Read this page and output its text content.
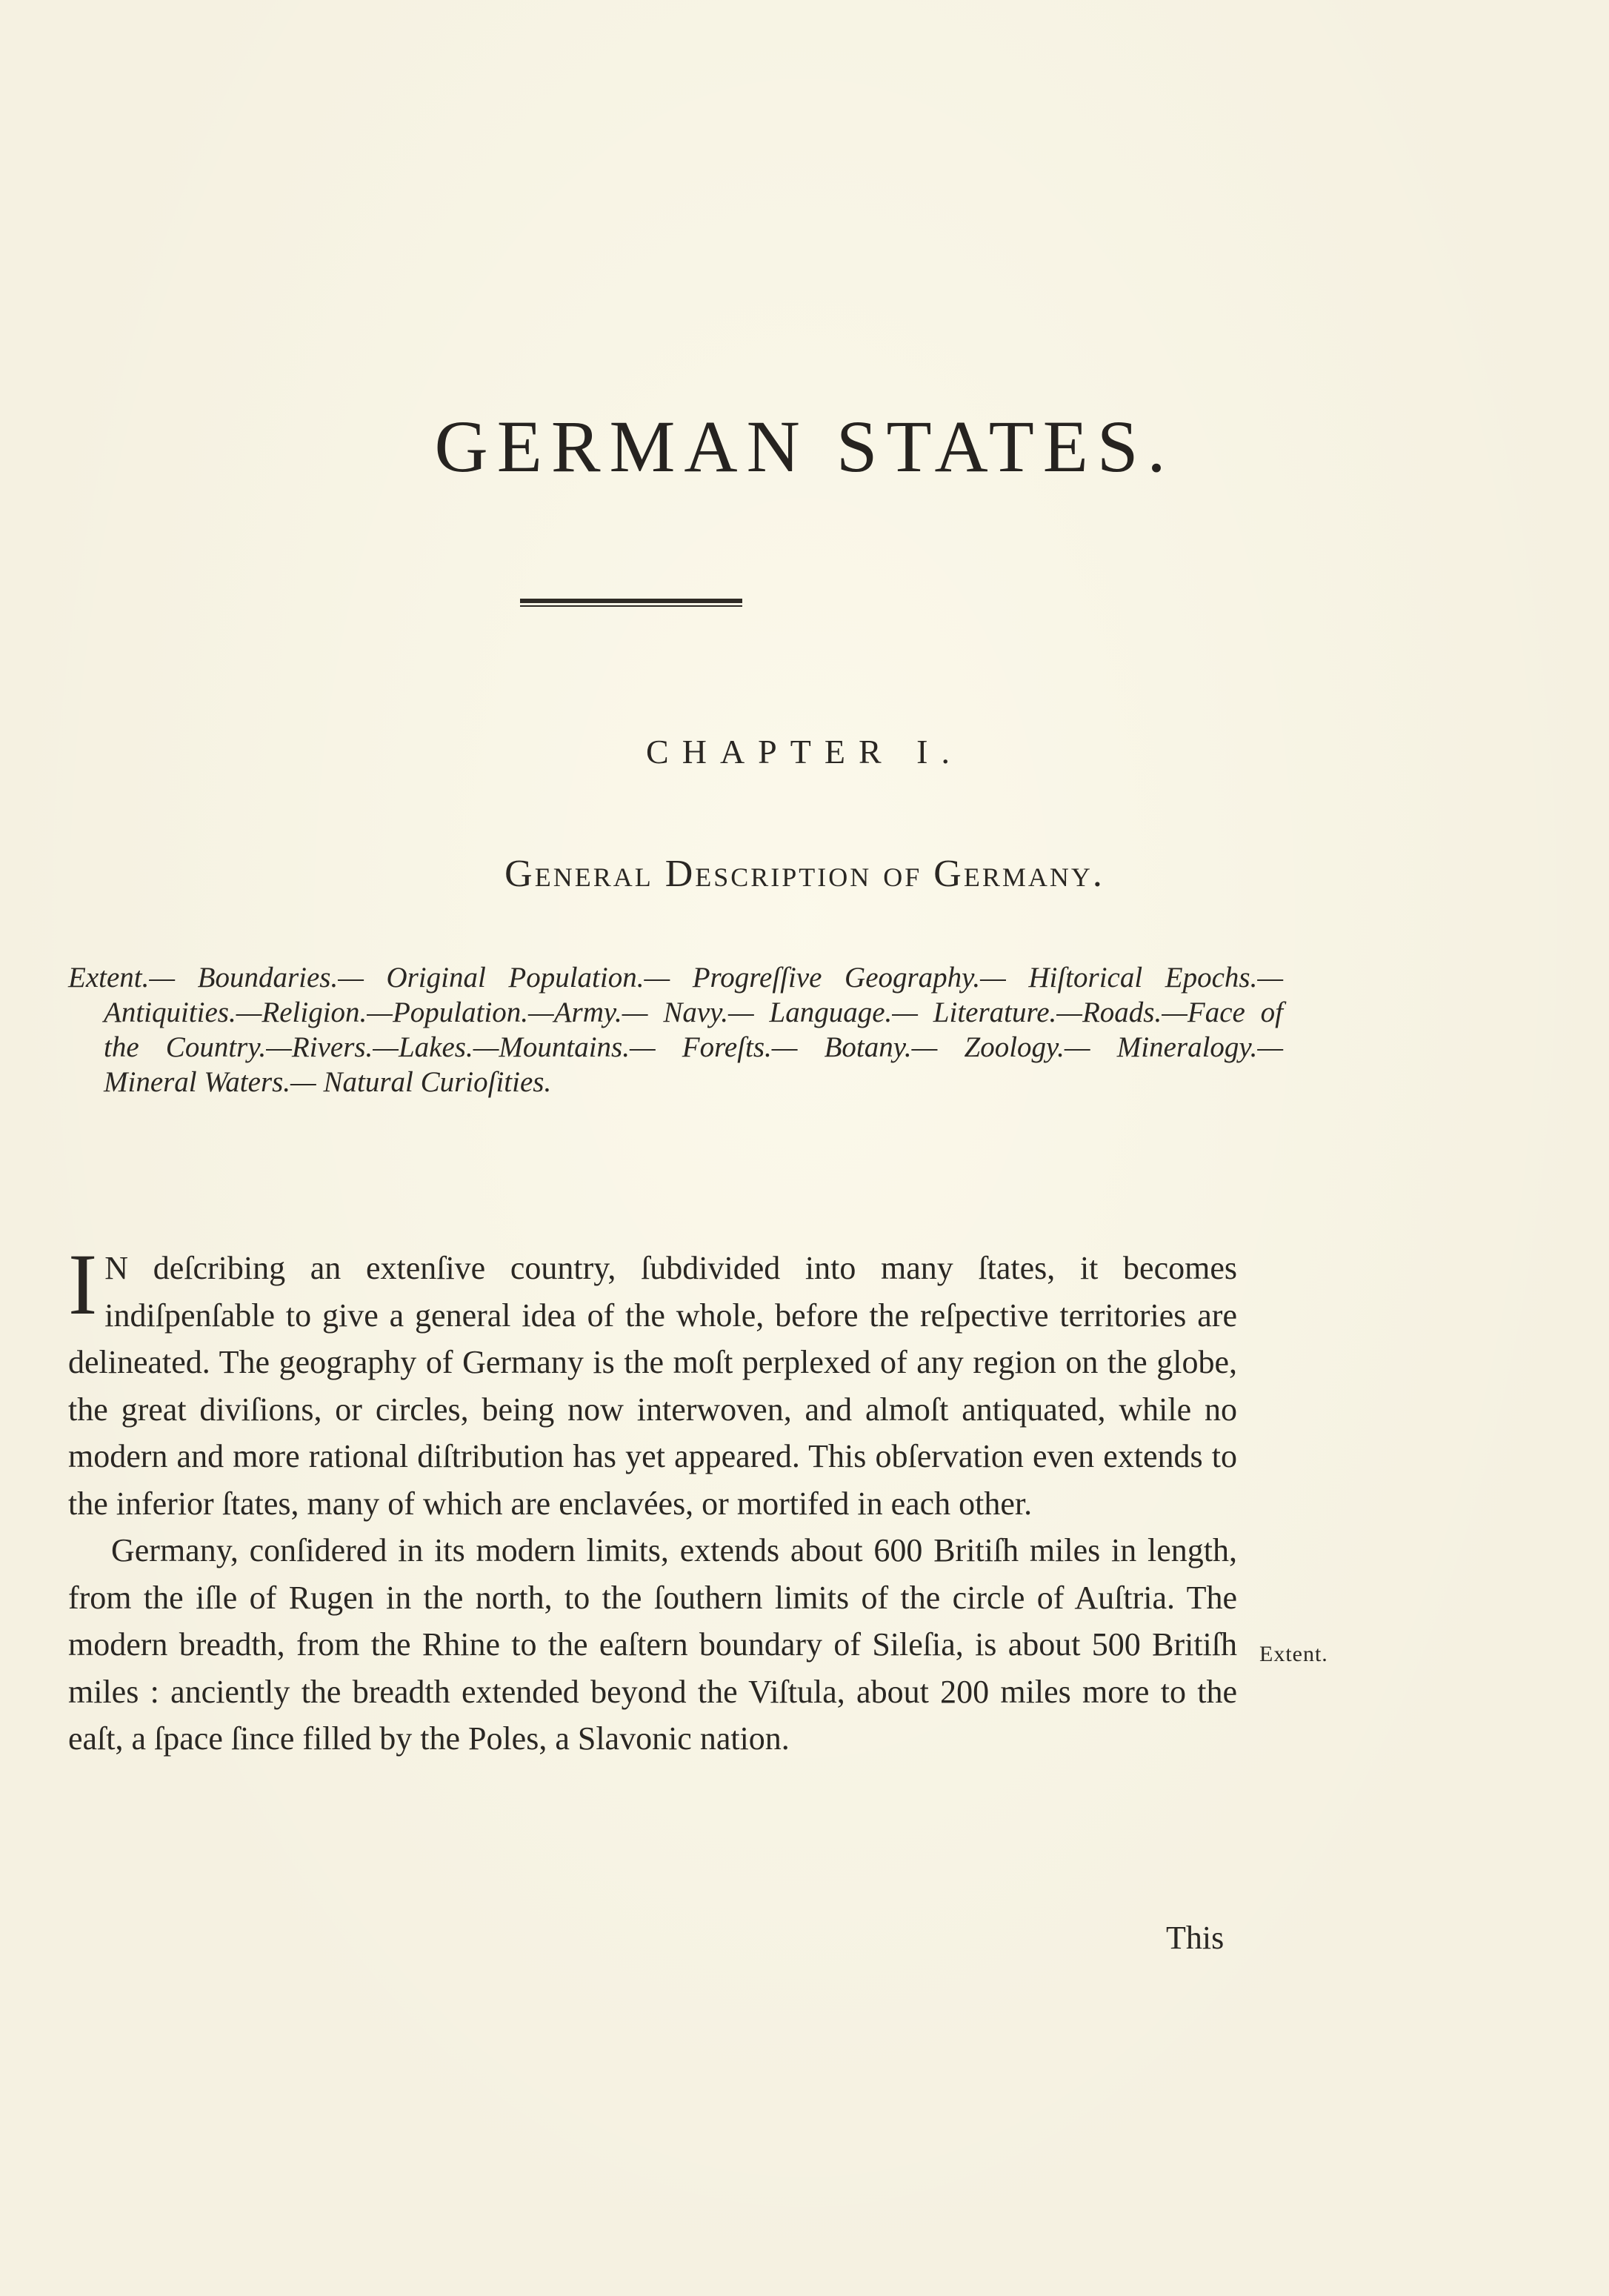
GERMAN STATES.
CHAPTER I.
General Description of Germany.
Extent.— Boundaries.— Original Population.— Progreſſive Geography.— Hiſtorical Epochs.—Antiquities.—Religion.—Population.—Army.— Navy.— Language.— Literature.—Roads.—Face of the Country.—Rivers.—Lakes.—Mountains.— Foreſts.— Botany.— Zoology.— Mineralogy.— Mineral Waters.— Natural Curioſities.

IN deſcribing an extenſive country, ſubdivided into many ſtates, it becomes indiſpenſable to give a general idea of the whole, before the reſpective territories are delineated. The geography of Germany is the moſt perplexed of any region on the globe, the great diviſions, or circles, being now interwoven, and almoſt antiquated, while no modern and more rational diſtribution has yet appeared. This obſervation even extends to the inferior ſtates, many of which are enclavées, or mortifed in each other.

Germany, conſidered in its modern limits, extends about 600 Britiſh miles in length, from the iſle of Rugen in the north, to the ſouthern limits of the circle of Auſtria. The modern breadth, from the Rhine to the eaſtern boundary of Sileſia, is about 500 Britiſh miles : anciently the breadth extended beyond the Viſtula, about 200 miles more to the eaſt, a ſpace ſince filled by the Poles, a Slavonic nation.

Extent.
This
